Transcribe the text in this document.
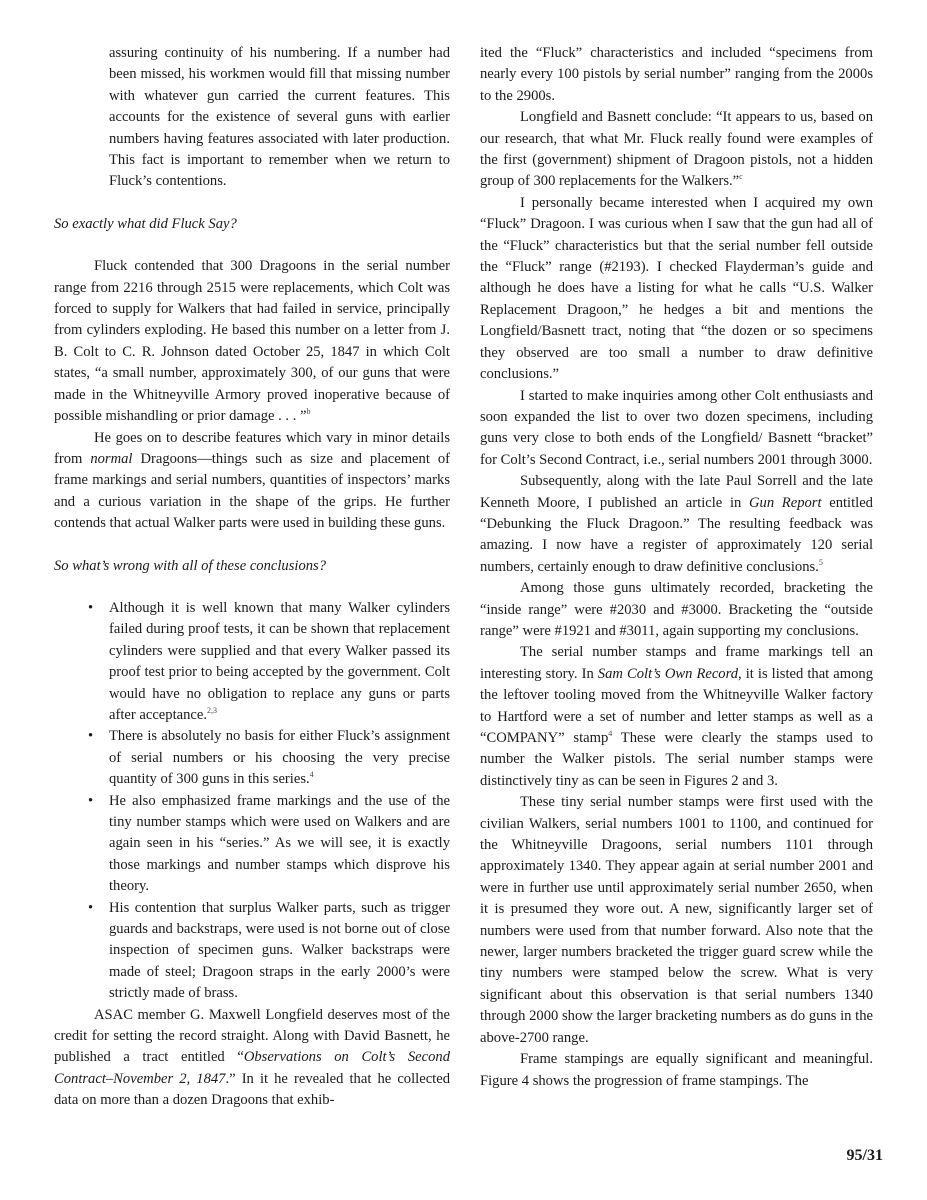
assuring continuity of his numbering. If a number had been missed, his workmen would fill that missing number with whatever gun carried the current features. This accounts for the existence of several guns with earlier numbers having features associated with later production. This fact is important to remember when we return to Fluck’s contentions.

So exactly what did Fluck Say?

Fluck contended that 300 Dragoons in the serial number range from 2216 through 2515 were replacements, which Colt was forced to supply for Walkers that had failed in service, principally from cylinders exploding. He based this number on a letter from J. B. Colt to C. R. Johnson dated October 25, 1847 in which Colt states, “a small number, approximately 300, of our guns that were made in the Whitneyville Armory proved inoperative because of possible mishandling or prior damage . . . ”$^b$

He goes on to describe features which vary in minor details from normal Dragoons—things such as size and placement of frame markings and serial numbers, quantities of inspectors’ marks and a curious variation in the shape of the grips. He further contends that actual Walker parts were used in building these guns.

So what’s wrong with all of these conclusions?

• Although it is well known that many Walker cylinders failed during proof tests, it can be shown that replacement cylinders were supplied and that every Walker passed its proof test prior to being accepted by the government. Colt would have no obligation to replace any guns or parts after acceptance.$^{2,3}$
• There is absolutely no basis for either Fluck’s assignment of serial numbers or his choosing the very precise quantity of 300 guns in this series.$^4$
• He also emphasized frame markings and the use of the tiny number stamps which were used on Walkers and are again seen in his “series.” As we will see, it is exactly those markings and number stamps which disprove his theory.
• His contention that surplus Walker parts, such as trigger guards and backstraps, were used is not borne out of close inspection of specimen guns. Walker backstraps were made of steel; Dragoon straps in the early 2000’s were strictly made of brass.

ASAC member G. Maxwell Longfield deserves most of the credit for setting the record straight. Along with David Basnett, he published a tract entitled “Observations on Colt’s Second Contract–November 2, 1847.” In it he revealed that he collected data on more than a dozen Dragoons that exhib-

ited the “Fluck” characteristics and included “specimens from nearly every 100 pistols by serial number” ranging from the 2000s to the 2900s.

Longfield and Basnett conclude: “It appears to us, based on our research, that what Mr. Fluck really found were examples of the first (government) shipment of Dragoon pistols, not a hidden group of 300 replacements for the Walkers.”$^c$

I personally became interested when I acquired my own “Fluck” Dragoon. I was curious when I saw that the gun had all of the “Fluck” characteristics but that the serial number fell outside the “Fluck” range (#2193). I checked Flayderman’s guide and although he does have a listing for what he calls “U.S. Walker Replacement Dragoon,” he hedges a bit and mentions the Longfield/Basnett tract, noting that “the dozen or so specimens they observed are too small a number to draw definitive conclusions.”

I started to make inquiries among other Colt enthusiasts and soon expanded the list to over two dozen specimens, including guns very close to both ends of the Longfield/ Basnett “bracket” for Colt’s Second Contract, i.e., serial numbers 2001 through 3000.

Subsequently, along with the late Paul Sorrell and the late Kenneth Moore, I published an article in Gun Report entitled “Debunking the Fluck Dragoon.” The resulting feedback was amazing. I now have a register of approximately 120 serial numbers, certainly enough to draw definitive conclusions.$^5$

Among those guns ultimately recorded, bracketing the “inside range” were #2030 and #3000. Bracketing the “outside range” were #1921 and #3011, again supporting my conclusions.

The serial number stamps and frame markings tell an interesting story. In Sam Colt’s Own Record, it is listed that among the leftover tooling moved from the Whitneyville Walker factory to Hartford were a set of number and letter stamps as well as a “COMPANY” stamp$^4$ These were clearly the stamps used to number the Walker pistols. The serial number stamps were distinctively tiny as can be seen in Figures 2 and 3.

These tiny serial number stamps were first used with the civilian Walkers, serial numbers 1001 to 1100, and continued for the Whitneyville Dragoons, serial numbers 1101 through approximately 1340. They appear again at serial number 2001 and were in further use until approximately serial number 2650, when it is presumed they wore out. A new, significantly larger set of numbers were used from that number forward. Also note that the newer, larger numbers bracketed the trigger guard screw while the tiny numbers were stamped below the screw. What is very significant about this observation is that serial numbers 1340 through 2000 show the larger bracketing numbers as do guns in the above-2700 range.

Frame stampings are equally significant and meaningful. Figure 4 shows the progression of frame stampings. The

95/31
